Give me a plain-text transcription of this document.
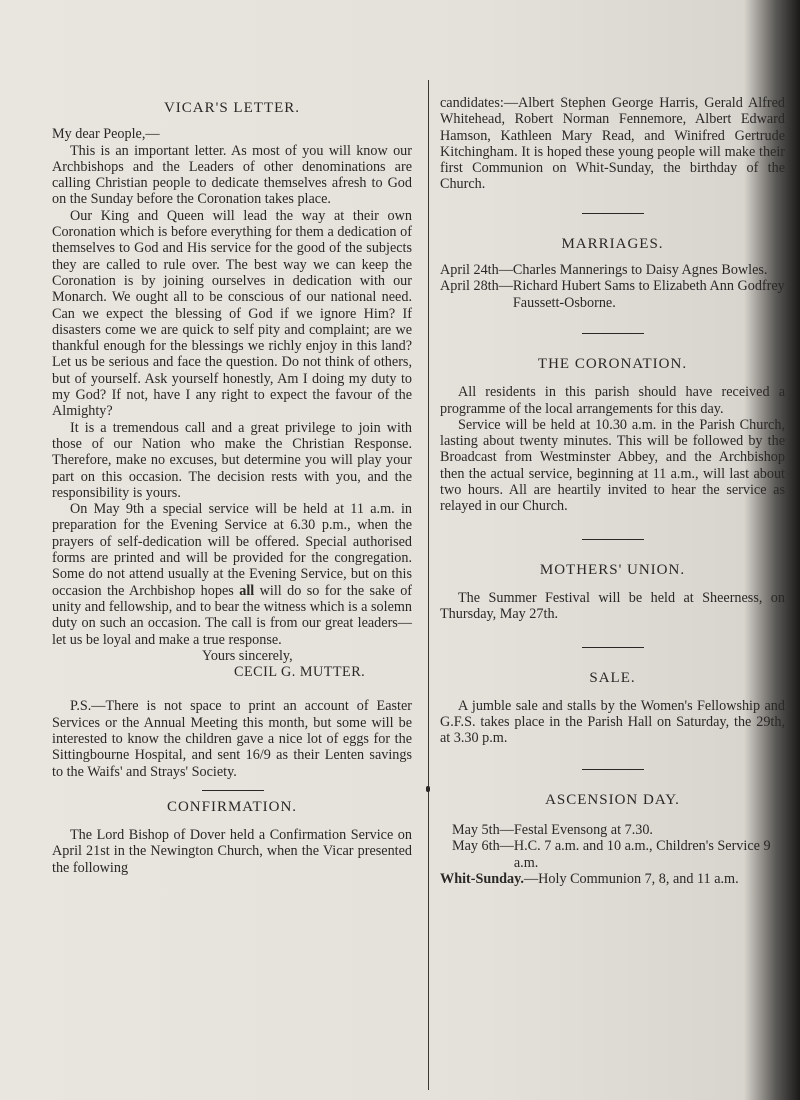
VICAR'S LETTER.

My dear People,—

This is an important letter. As most of you will know our Archbishops and the Leaders of other denominations are calling Christian people to dedicate themselves afresh to God on the Sunday before the Coronation takes place.

Our King and Queen will lead the way at their own Coronation which is before everything for them a dedication of themselves to God and His service for the good of the subjects they are called to rule over. The best way we can keep the Coronation is by joining ourselves in dedication with our Monarch. We ought all to be conscious of our national need. Can we expect the blessing of God if we ignore Him? If disasters come we are quick to self pity and complaint; are we thankful enough for the blessings we richly enjoy in this land? Let us be serious and face the question. Do not think of others, but of yourself. Ask yourself honestly, Am I doing my duty to my God? If not, have I any right to expect the favour of the Almighty?

It is a tremendous call and a great privilege to join with those of our Nation who make the Christian Response. Therefore, make no excuses, but determine you will play your part on this occasion. The decision rests with you, and the responsibility is yours.

On May 9th a special service will be held at 11 a.m. in preparation for the Evening Service at 6.30 p.m., when the prayers of self-dedication will be offered. Special authorised forms are printed and will be provided for the congregation. Some do not attend usually at the Evening Service, but on this occasion the Archbishop hopes all will do so for the sake of unity and fellowship, and to bear the witness which is a solemn duty on such an occasion. The call is from our great leaders—let us be loyal and make a true response.

Yours sincerely,

CECIL G. MUTTER.

P.S.—There is not space to print an account of Easter Services or the Annual Meeting this month, but some will be interested to know the children gave a nice lot of eggs for the Sittingbourne Hospital, and sent 16/9 as their Lenten savings to the Waifs' and Strays' Society.

CONFIRMATION.

The Lord Bishop of Dover held a Confirmation Service on April 21st in the Newington Church, when the Vicar presented the following

candidates:—Albert Stephen George Harris, Gerald Alfred Whitehead, Robert Norman Fennemore, Albert Edward Hamson, Kathleen Mary Read, and Winifred Gertrude Kitchingham. It is hoped these young people will make their first Communion on Whit-Sunday, the birthday of the Church.

MARRIAGES.
April 24th— Charles Mannerings to Daisy Agnes Bowles.
April 28th— Richard Hubert Sams to Elizabeth Ann Godfrey Faussett-Osborne.
THE CORONATION.

All residents in this parish should have received a programme of the local arrangements for this day.

Service will be held at 10.30 a.m. in the Parish Church, lasting about twenty minutes. This will be followed by the Broadcast from Westminster Abbey, and the Archbishop then the actual service, beginning at 11 a.m., will last about two hours. All are heartily invited to hear the service as relayed in our Church.

MOTHERS' UNION.

The Summer Festival will be held at Sheerness, on Thursday, May 27th.

SALE.

A jumble sale and stalls by the Women's Fellowship and G.F.S. takes place in the Parish Hall on Saturday, the 29th, at 3.30 p.m.

ASCENSION DAY.
May 5th— Festal Evensong at 7.30.
May 6th— H.C. 7 a.m. and 10 a.m., Children's Service 9 a.m.
Whit-Sunday. —Holy Communion 7, 8, and 11 a.m.
